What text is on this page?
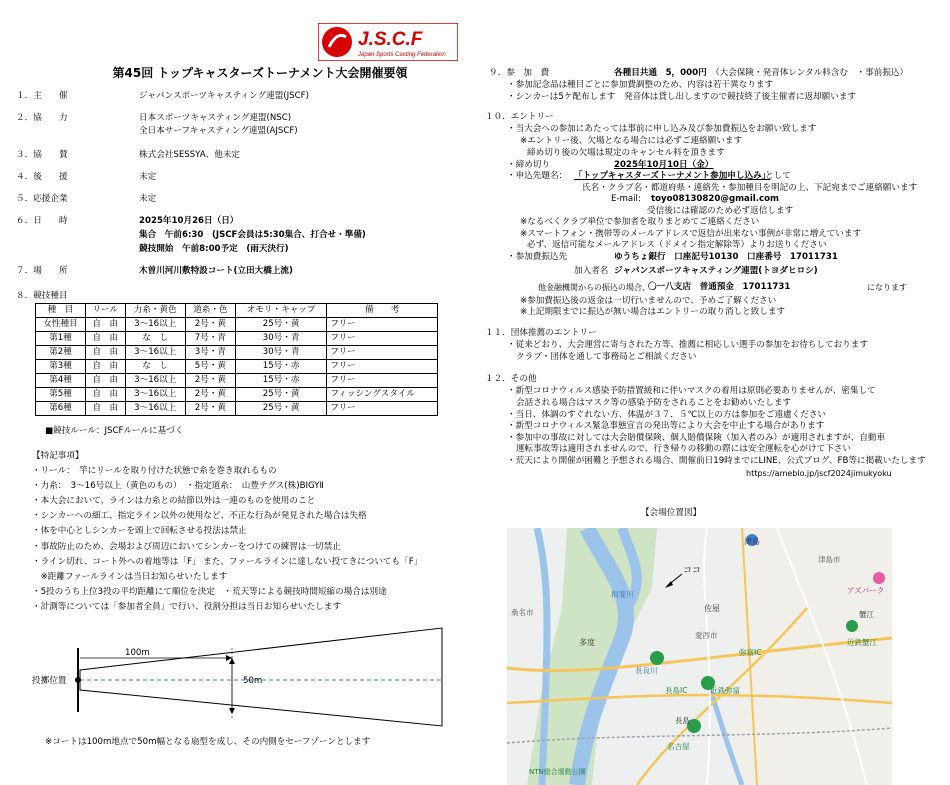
J.S.C.F
Japan Sports Casting Federation
第45回 トップキャスターズトーナメント大会開催要領
１．主　　催	ジャパンスポーツキャスティング連盟(JSCF)
２．協　　力	日本スポーツキャスティング連盟(NSC)
全日本サーフキャスティング連盟(AJSCF)
３．協　　賛	株式会社SESSYA、他未定
４．後　　援	未定
５．応援企業	未定
６．日　　時	2025年10月26日（日）
集合　午前6:30　(JSCF会員は5:30集合、打合せ・準備)
競技開始　午前8:00予定　(雨天決行)
７．場　　所	木曽川河川敷特設コート(立田大橋上流)
８．競技種目
種　目	リール	力糸・黄色	道糸・色	オモリ・キャップ	備　　考
女性種目	自　由	3～16以上	2号・黄	25号・黄	フリー
第1種	自　由	な　し	7号・青	30号・青	フリー
第2種	自　由	3～16以上	3号・青	30号・青	フリー
第3種	自　由	な　し	5号・黄	15号・赤	フリー
第4種	自　由	3～16以上	2号・黄	15号・赤	フリー
第5種	自　由	3～16以上	2号・黄	25号・黄	フィッシングスタイル
第6種	自　由	3～16以上	2号・黄	25号・黄	フリー
■競技ルール：JSCFルールに基づく
【特記事項】
・リール：　竿にリールを取り付けた状態で糸を巻き取れるもの
・力糸：　3～16号以上（黄色のもの）　・指定道糸：　山豊テグス(株)BIGYⅡ
・本大会において、ラインは力糸との結節以外は一連のものを使用のこと
・シンカーへの細工、指定ライン以外の使用など、不正な行為が発見された場合は失格
・体を中心としシンカーを頭上で回転させる投法は禁止
・事故防止のため、会場および周辺においてシンカーをつけての練習は一切禁止
・ライン切れ、コート外への着地等は「F」 また、ファールラインに達しない投てきについても「F」
　※距離ファールラインは当日お知らせいたします
・5投のうち上位3投の平均距離にて順位を決定　・荒天等による競技時間短縮の場合は別途
・計測等については「参加者全員」で行い、役割分担は当日お知らせいたします
100m
50m
投擲位置
※コートは100m地点で50m幅となる扇型を成し、その内側をセーフゾーンとします
９．参　加　費	各種目共通　5，000円 （大会保険・発音体レンタル料含む　・事前振込）
・参加記念品は種目ごとに参加費調整のため、内容は若干異なります
・シンカーは5ケ配布します　発音体は貸し出しますので競技終了後主催者に返却願います
１０．エントリー
・当大会への参加にあたっては事前に申し込み及び参加費振込をお願い致します
※エントリー後、欠場となる場合には必ずご連絡願います
締め切り後の欠場は規定のキャンセル料を頂きます
・締め切り	2025年10月10日（金）
・申込先題名： 「トップキャスターズトーナメント参加申し込み」
として
氏名・クラブ名・都道府県・連絡先・参加種目を明記の上、下記宛までご連絡願います
E-mail: toyo08130820@gmail.com
受信後には確認のため必ず返信します
※なるべくクラブ単位で参加者を取りまとめてご連絡ください
※スマートフォン・携帯等のメールアドレスで返信が出来ない事例が非常に増えています
必ず、返信可能なメールアドレス（ドメイン指定解除等）よりお送りください
・参加費振込先	ゆうちょ銀行　口座記号10130　口座番号　17011731
加入者名 ジャパンスポーツキャスティング連盟(トヨダヒロシ)
他金融機関からの振込の場合、
〇一八支店　普通預金　17011731	になります
※参加費振込後の返金は一切行いませんので、予めご了解ください
※上記期限までに振込が無い場合はエントリーの取り消しと致します
１１．団体推薦のエントリー
・従来どおり、大会運営に寄与された方等、推薦に相応しい選手の参加をお待ちしております
クラブ・団体を通して事務局とご相談ください
１２．その他
・新型コロナウィルス感染予防措置緩和に伴いマスクの着用は原則必要ありませんが、密集して
会話される場合はマスク等の感染予防をされることをお勧めいたします
・当日、体調のすぐれない方、体温が３７．５℃以上の方は参加をご遠慮ください
・新型コロナウィルス緊急事態宣言の発出等により大会を中止する場合があります
・参加中の事故に対しては大会賠償保険、個人賠償保険（加入者のみ）が適用されますが、自動車
運転事故等は適用されませんので、行き帰りの移動の際には安全運転を心がけて下さい
・荒天により開催が困難と予想される場合、開催前日19時までにLINE、公式ブログ、FB等に掲載いたします
https://ameblo.jp/jscf2024jimukyoku
【会場位置図】
ココ
津島
津島市
佐屋
愛西市
アズパーク
多度
長良川
長島IC	近鉄弥富
弥富IC
近鉄蟹江
蟹江
桑名市
長島
揖斐川
NTN総合運動公園
名古屋
